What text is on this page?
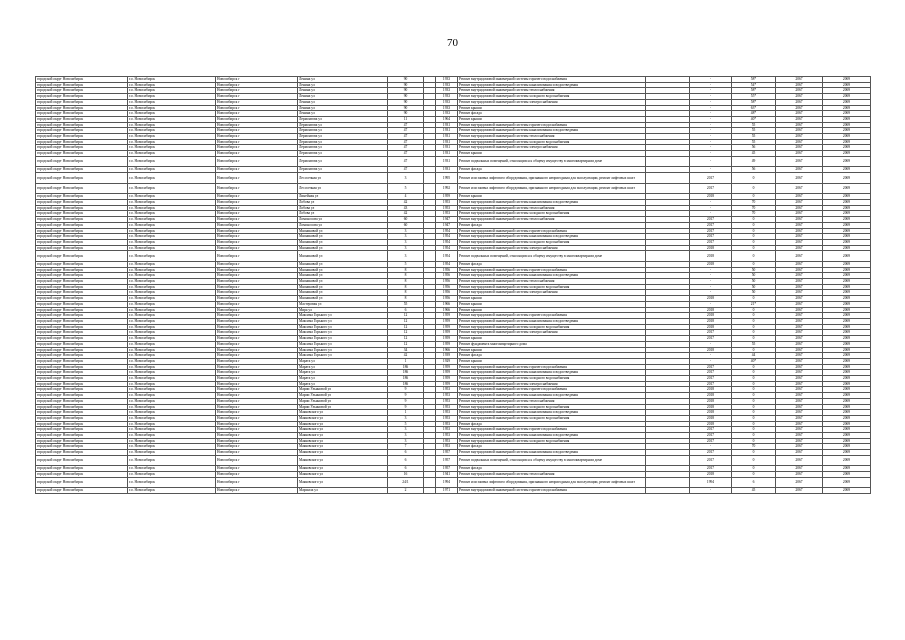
70
городской округ Новосибирск	г.о. Новосибирск	Новосибирск г	Ленина ул	90		1933	Ремонт внутридомовой инженерной системы горячего водоснабжения		-	58*	2067	2069
городской округ Новосибирск	г.о. Новосибирск	Новосибирск г	Ленина ул	90		1933	Ремонт внутридомовой инженерной системы канализования и водоотведения		-	54*	2067	2069
городской округ Новосибирск	г.о. Новосибирск	Новосибирск г	Ленина ул	90		1933	Ремонт внутридомовой инженерной системы теплоснабжения		-	58*	2067	2069
городской округ Новосибирск	г.о. Новосибирск	Новосибирск г	Ленина ул	90		1933	Ремонт внутридомовой инженерной системы холодного водоснабжения		-	55*	2067	2069
городской округ Новосибирск	г.о. Новосибирск	Новосибирск г	Ленина ул	90		1933	Ремонт внутридомовой инженерной системы электроснабжения		-	58*	2067	2069
городской округ Новосибирск	г.о. Новосибирск	Новосибирск г	Ленина ул	90		1933	Ремонт крыши		-	63*	2067	2069
городской округ Новосибирск	г.о. Новосибирск	Новосибирск г	Ленина ул	90		1933	Ремонт фасада		-	48*	2067	2069
городской округ Новосибирск	г.о. Новосибирск	Новосибирск г	Лермонтова ул	11		1964	Ремонт крыши		-	40*	2067	2069
городской округ Новосибирск	г.о. Новосибирск	Новосибирск г	Лермонтова ул	47		1931	Ремонт внутридомовой инженерной системы горячего водоснабжения		-	55	2067	2069
городской округ Новосибирск	г.о. Новосибирск	Новосибирск г	Лермонтова ул	47		1931	Ремонт внутридомовой инженерной системы канализования и водоотведения		-	55	2067	2069
городской округ Новосибирск	г.о. Новосибирск	Новосибирск г	Лермонтова ул	47		1931	Ремонт внутридомовой инженерной системы теплоснабжения		-	55	2067	2069
городской округ Новосибирск	г.о. Новосибирск	Новосибирск г	Лермонтова ул	47		1931	Ремонт внутридомовой инженерной системы холодного водоснабжения		-	55	2067	2069
городской округ Новосибирск	г.о. Новосибирск	Новосибирск г	Лермонтова ул	47		1931	Ремонт внутридомовой инженерной системы электроснабжения		-	56	2067	2069
городской округ Новосибирск	г.о. Новосибирск	Новосибирск г	Лермонтова ул	47		1931	Ремонт крыши		-	45	2067	2069
городской округ Новосибирск	г.о. Новосибирск	Новосибирск г	Лермонтова ул	47		1931	Ремонт подвальных помещений, относящихся к общему имуществу в многоквартирном доме		-	49	2067	2069
городской округ Новосибирск	г.о. Новосибирск	Новосибирск г	Лермонтова ул	47		1931	Ремонт фасада		-	56	2067	2069
городской округ Новосибирск	г.о. Новосибирск	Новосибирск г	Лесосечная ул	3		1995	Ремонт или замена лифтового оборудования, признанного непригодным для эксплуатации, ремонт лифтовых шахт		2017	0	2067	2069
городской округ Новосибирск	г.о. Новосибирск	Новосибирск г	Лесосечная ул	5		1992	Ремонт или замена лифтового оборудования, признанного непригодным для эксплуатации, ремонт лифтовых шахт		2017	0	2067	2069
городской округ Новосибирск	г.о. Новосибирск	Новосибирск г	Линейная ул	4		1959	Ремонт крыши		2018	0	2067	2069
городской округ Новосибирск	г.о. Новосибирск	Новосибирск г	Лобова ул	42		1953	Ремонт внутридомовой инженерной системы канализования и водоотведения		-	70	2067	2069
городской округ Новосибирск	г.о. Новосибирск	Новосибирск г	Лобова ул	43		1953	Ремонт внутридомовой инженерной системы теплоснабжения		-	70	2067	2069
городской округ Новосибирск	г.о. Новосибирск	Новосибирск г	Лобова ул	42		1953	Ремонт внутридомовой инженерной системы холодного водоснабжения		-	70	2067	2069
городской округ Новосибирск	г.о. Новосибирск	Новосибирск г	Ломоносова ул	60		1947	Ремонт внутридомовой инженерной системы теплоснабжения		2017	0	2067	2069
городской округ Новосибирск	г.о. Новосибирск	Новосибирск г	Ломоносова ул	60		1947	Ремонт фасада		2017	0	2067	2069
городской округ Новосибирск	г.о. Новосибирск	Новосибирск г	Мясниковой ул	3		1954	Ремонт внутридомовой инженерной системы горячего водоснабжения		2017	0	2067	2069
городской округ Новосибирск	г.о. Новосибирск	Новосибирск г	Мясниковой ул	3		1954	Ремонт внутридомовой инженерной системы канализования и водоотведения		2017	0	2067	2069
городской округ Новосибирск	г.о. Новосибирск	Новосибирск г	Мясниковой ул	3		1954	Ремонт внутридомовой инженерной системы холодного водоснабжения		2017	0	2067	2069
городской округ Новосибирск	г.о. Новосибирск	Новосибирск г	Мясниковой ул	3		1954	Ремонт внутридомовой инженерной системы электроснабжения		2018	0	2067	2069
городской округ Новосибирск	г.о. Новосибирск	Новосибирск г	Мясниковой ул	3		1954	Ремонт подвальных помещений, относящихся к общему имуществу в многоквартирном доме		2018	0	2067	2069
городской округ Новосибирск	г.о. Новосибирск	Новосибирск г	Мясниковой ул	5		1954	Ремонт фасада		2018	0	2067	2069
городской округ Новосибирск	г.о. Новосибирск	Новосибирск г	Мясниковой ул	8		1956	Ремонт внутридомовой инженерной системы горячего водоснабжения		-	50	2067	2069
городской округ Новосибирск	г.о. Новосибирск	Новосибирск г	Мясниковой ул	8		1956	Ремонт внутридомовой инженерной системы канализования и водоотведения		-	50	2067	2069
городской округ Новосибирск	г.о. Новосибирск	Новосибирск г	Мясниковой ул	8		1956	Ремонт внутридомовой инженерной системы теплоснабжения		-	50	2067	2069
городской округ Новосибирск	г.о. Новосибирск	Новосибирск г	Мясниковой ул	8		1956	Ремонт внутридомовой инженерной системы холодного водоснабжения		-	50	2067	2069
городской округ Новосибирск	г.о. Новосибирск	Новосибирск г	Мясниковой ул	8		1956	Ремонт внутридомовой инженерной системы электроснабжения		-	50	2067	2069
городской округ Новосибирск	г.о. Новосибирск	Новосибирск г	Мясниковой ул	8		1956	Ремонт крыши		2018	0	2067	2069
городской округ Новосибирск	г.о. Новосибирск	Новосибирск г	Мастеровая ул	55		1966	Ремонт крыши		-	21*	2067	2069
городской округ Новосибирск	г.о. Новосибирск	Новосибирск г	Мира ул	6		1966	Ремонт крыши		2018	0	2067	2069
городской округ Новосибирск	г.о. Новосибирск	Новосибирск г	Максима Горького ул	12		1959	Ремонт внутридомовой инженерной системы горячего водоснабжения		2018	0	2067	2069
городской округ Новосибирск	г.о. Новосибирск	Новосибирск г	Максима Горького ул	12		1959	Ремонт внутридомовой инженерной системы канализования и водоотведения		2018	0	2067	2069
городской округ Новосибирск	г.о. Новосибирск	Новосибирск г	Максима Горького ул	12		1959	Ремонт внутридомовой инженерной системы холодного водоснабжения		2018	0	2067	2069
городской округ Новосибирск	г.о. Новосибирск	Новосибирск г	Максима Горького ул	12		1959	Ремонт внутридомовой инженерной системы электроснабжения		2017	0	2067	2069
городской округ Новосибирск	г.о. Новосибирск	Новосибирск г	Максима Горького ул	12		1959	Ремонт крыши		2017	0	2067	2069
городской округ Новосибирск	г.о. Новосибирск	Новосибирск г	Максима Горького ул	12		1959	Ремонт фундамента многоквартирного дома		-	55	2067	2069
городской округ Новосибирск	г.о. Новосибирск	Новосибирск г	Максима Горького ул	34		1966	Ремонт крыши		2018	0	2067	2069
городской округ Новосибирск	г.о. Новосибирск	Новосибирск г	Максима Горького ул	42		1939	Ремонт фасада		-	44	2067	2069
городской округ Новосибирск	г.о. Новосибирск	Новосибирск г	Марата ул	1		1929	Ремонт крыши		-	40*	2067	2069
городской округ Новосибирск	г.о. Новосибирск	Новосибирск г	Марата ул	186		1959	Ремонт внутридомовой инженерной системы горячего водоснабжения		2017	0	2067	2069
городской округ Новосибирск	г.о. Новосибирск	Новосибирск г	Марата ул	186		1959	Ремонт внутридомовой инженерной системы канализования и водоотведения		2017	0	2067	2069
городской округ Новосибирск	г.о. Новосибирск	Новосибирск г	Марата ул	186		1959	Ремонт внутридомовой инженерной системы холодного водоснабжения		2017	0	2067	2069
городской округ Новосибирск	г.о. Новосибирск	Новосибирск г	Марата ул	186		1959	Ремонт внутридомовой инженерной системы электроснабжения		2017	0	2067	2069
городской округ Новосибирск	г.о. Новосибирск	Новосибирск г	Марии Ульяновой ул	9		1953	Ремонт внутридомовой инженерной системы горячего водоснабжения		2018	0	2067	2069
городской округ Новосибирск	г.о. Новосибирск	Новосибирск г	Марии Ульяновой ул	9		1953	Ремонт внутридомовой инженерной системы канализования и водоотведения		2018	0	2067	2069
городской округ Новосибирск	г.о. Новосибирск	Новосибирск г	Марии Ульяновой ул	9		1953	Ремонт внутридомовой инженерной системы теплоснабжения		2018	0	2067	2069
городской округ Новосибирск	г.о. Новосибирск	Новосибирск г	Марии Ульяновой ул	9		1953	Ремонт внутридомовой инженерной системы холодного водоснабжения		2018	0	2067	2069
городской округ Новосибирск	г.о. Новосибирск	Новосибирск г	Маяковского ул	1		1953	Ремонт внутридомовой инженерной системы канализования и водоотведения		2018	0	2067	2069
городской округ Новосибирск	г.о. Новосибирск	Новосибирск г	Маяковского ул	3		1953	Ремонт внутридомовой инженерной системы холодного водоснабжения		2018	0	2067	2069
городской округ Новосибирск	г.о. Новосибирск	Новосибирск г	Маяковского ул	5		1953	Ремонт фасада		2018	0	2067	2069
городской округ Новосибирск	г.о. Новосибирск	Новосибирск г	Маяковского ул	3		1953	Ремонт внутридомовой инженерной системы горячего водоснабжения		2017	0	2067	2069
городской округ Новосибирск	г.о. Новосибирск	Новосибирск г	Маяковского ул	3		1953	Ремонт внутридомовой инженерной системы канализования и водоотведения		2017	0	2067	2069
городской округ Новосибирск	г.о. Новосибирск	Новосибирск г	Маяковского ул	3		1953	Ремонт внутридомовой инженерной системы холодного водоснабжения		2017	0	2067	2069
городской округ Новосибирск	г.о. Новосибирск	Новосибирск г	Маяковского ул	7		1953	Ремонт фасада		-	70	2067	2069
городской округ Новосибирск	г.о. Новосибирск	Новосибирск г	Маяковского ул	6		1957	Ремонт внутридомовой инженерной системы канализования и водоотведения		2017	0	2067	2069
городской округ Новосибирск	г.о. Новосибирск	Новосибирск г	Маяковского ул	6		1957	Ремонт подвальных помещений, относящихся к общему имуществу в многоквартирном доме		2017	0	2067	2069
городской округ Новосибирск	г.о. Новосибирск	Новосибирск г	Маяковского ул	6		1957	Ремонт фасада		2017	0	2067	2069
городской округ Новосибирск	г.о. Новосибирск	Новосибирск г	Маяковского ул	16		1941	Ремонт внутридомовой инженерной системы теплоснабжения		2018	0	2067	2069
городской округ Новосибирск	г.о. Новосибирск	Новосибирск г	Маяковского ул	24/1		1994	Ремонт или замена лифтового оборудования, признанного непригодным для эксплуатации, ремонт лифтовых шахт		1994	6	2067	2069
городской округ Новосибирск	г.о. Новосибирск	Новосибирск г	Маршала ул	2		1971	Ремонт внутридомовой инженерной системы горячего водоснабжения		-	45	2067	2069
